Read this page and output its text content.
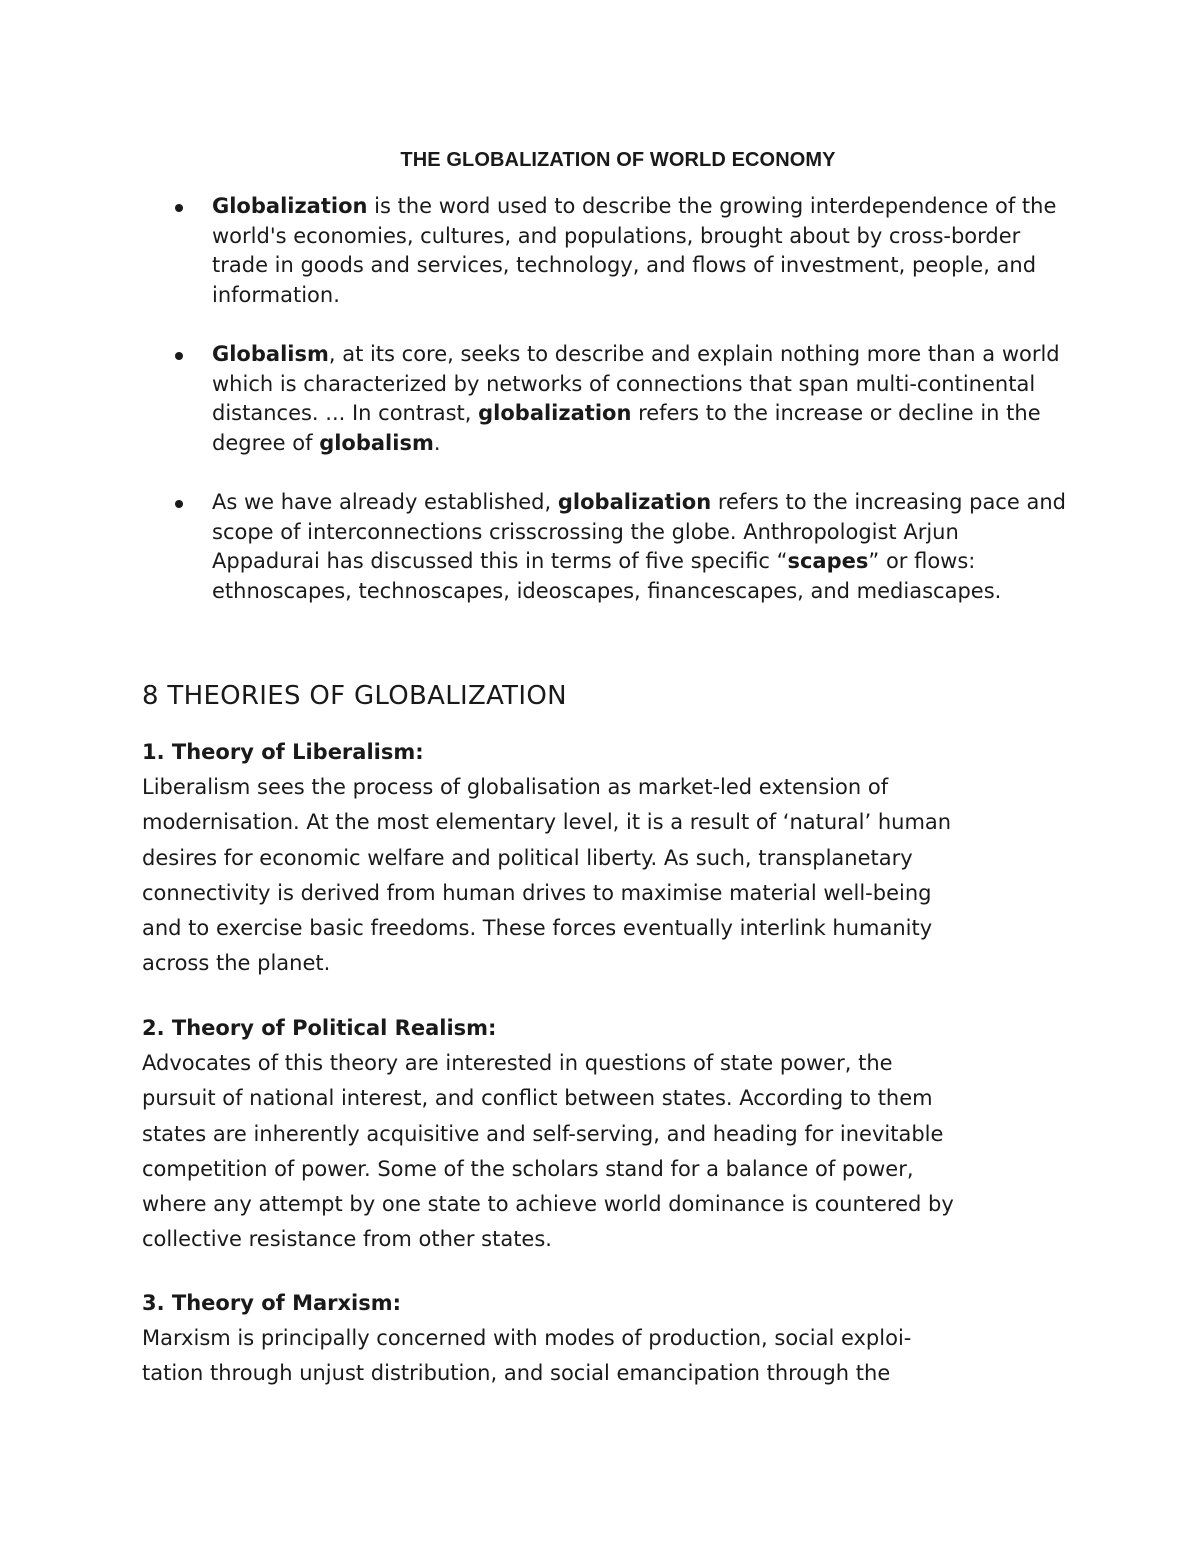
THE GLOBALIZATION OF WORLD ECONOMY
Globalization is the word used to describe the growing interdependence of the world's economies, cultures, and populations, brought about by cross-border trade in goods and services, technology, and flows of investment, people, and information.
Globalism, at its core, seeks to describe and explain nothing more than a world which is characterized by networks of connections that span multi-continental distances. ... In contrast, globalization refers to the increase or decline in the degree of globalism.
As we have already established, globalization refers to the increasing pace and scope of interconnections crisscrossing the globe. Anthropologist Arjun Appadurai has discussed this in terms of five specific “scapes” or flows: ethnoscapes, technoscapes, ideoscapes, financescapes, and mediascapes.
8 THEORIES OF GLOBALIZATION
1. Theory of Liberalism:

Liberalism sees the process of globalisation as market-led extension of
modernisation. At the most elementary level, it is a result of ‘natural’ human
desires for economic welfare and political liberty. As such, transplanetary
connectivity is derived from human drives to maximise material well-being
and to exercise basic freedoms. These forces eventually interlink humanity
across the planet.

2. Theory of Political Realism:

Advocates of this theory are interested in questions of state power, the
pursuit of national interest, and conflict between states. According to them
states are inherently acquisitive and self-serving, and heading for inevitable
competition of power. Some of the scholars stand for a balance of power,
where any attempt by one state to achieve world dominance is countered by
collective resistance from other states.

3. Theory of Marxism:

Marxism is principally concerned with modes of production, social exploi-
tation through unjust distribution, and social emancipation through the
